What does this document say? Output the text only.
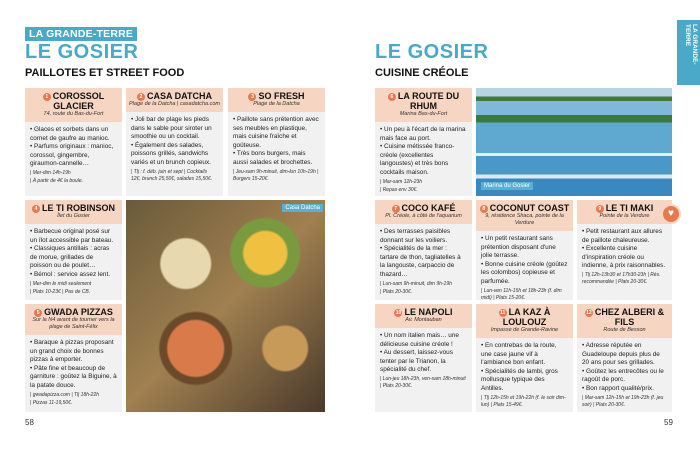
LA GRANDE-TERRE
LE GOSIER
PAILLOTES ET STREET FOOD
LE GOSIER
CUISINE CRÉOLE
LA GRANDE-TERRE
Casa Datcha
Marina du Gosier
♥
58	59
1 COROSSOL GLACIER
74, route du Bas-du-Fort

• Glaces et sorbets dans un cornet de gaufre au manioc.

• Parfums originaux : manioc, corossol, gingembre, giraumon-cannelle…

| Mer-dim 14h-19h
| À partir de 4€ la boule.
2 CASA DATCHA
Plage de la Datcha | casadatcha.com

• Joli bar de plage les pieds dans le sable pour siroter un smoothie ou un cocktail.

• Également des salades, poissons grillés, sandwichs variés et un brunch copieux.

| Tlj : f. déb. juin et sept | Cocktails 12€, brunch 25,50€, salades 15,50€.
3 SO FRESH
Plage de la Datcha

• Paillote sans prétention avec ses meubles en plastique, mais cuisine fraîche et goûteuse.

• Très bons burgers, mais aussi salades et brochettes.

| Jeu-sam 9h-minuit, dim-lun 10h-19h | Burgers 15-20€.
4 LE TI ROBINSON
Îlet du Gosier

• Barbecue original posé sur un îlot accessible par bateau.

• Classiques antillais : acras de morue, grillades de poisson ou de poulet…

• Bémol : service assez lent.

| Mer-dim le midi seulement
| Plats 10-23€ | Pas de CB.
5 GWADA PIZZAS
Sur la N4 avant de tourner vers la plage de Saint-Félix

• Baraque à pizzas proposant un grand choix de bonnes pizzas à emporter.

• Pâte fine et beaucoup de garniture : goûtez la Biguine, à la patate douce.

| gwadapizza.com | Tlj 18h-22h
| Pizzas 11-19,50€.
6 LA ROUTE DU RHUM
Marina Bas-du-Fort

• Un peu à l'écart de la marina mais face au port.

• Cuisine métissée franco-créole (excellentes langoustes) et très bons cocktails maison.

| Mar-sam 12h-23h
| Repas env 30€.
7 COCO KAFÉ
Pl. Créole, à côté de l'aquarium

• Des terrasses paisibles donnant sur les voiliers.

• Spécialités de la mer : tartare de thon, tagliatelles à la langouste, carpaccio de thazard…

| Lun-sam 9h-minuit, dim 9h-19h
| Plats 20-30€.
8 COCONUT COAST
9, résidence Shaca, pointe de la Verdure

• Un petit restaurant sans prétention disposant d'une jolie terrasse.

• Bonne cuisine créole (goûtez les colombos) copieuse et parfumée.

| Lun-ven 11h-15h et 18h-23h (f. dim midi) | Plats 15-20€.
9 LE TI MAKI
Pointe de la Verdure

• Petit restaurant aux allures de paillote chaleureuse.

• Excellente cuisine d'inspiration créole ou indienne, à prix raisonnables.

| Tlj 12h-13h30 et 17h30-23h | Rés. recommandée | Plats 20-30€.
10 LE NAPOLI
Av. Montauban

• Un nom italien mais… une délicieuse cuisine créole !

• Au dessert, laissez-vous tenter par le Trianon, la spécialité du chef.

| Lun-jeu 18h-23h, ven-sam 18h-minuit | Plats 20-30€.
11 LA KAZ À LOULOUZ
Impasse de Grande-Ravine

• En contrebas de la route, une case jaune vif à l'ambiance bon enfant.

• Spécialités de lambi, gros mollusque typique des Antilles.

| Tlj 12h-15h et 19h-22h (f. le soir dim-lun) | Plats 15-49€.
12 CHEZ ALBERI & FILS
Route de Besson

• Adresse réputée en Guadeloupe depuis plus de 20 ans pour ses grillades.

• Goûtez les entrecôtes ou le ragoût de porc.

• Bon rapport qualité/prix.

| Mar-sam 12h-15h et 19h-23h (f. jeu soir) | Plats 20-30€.
